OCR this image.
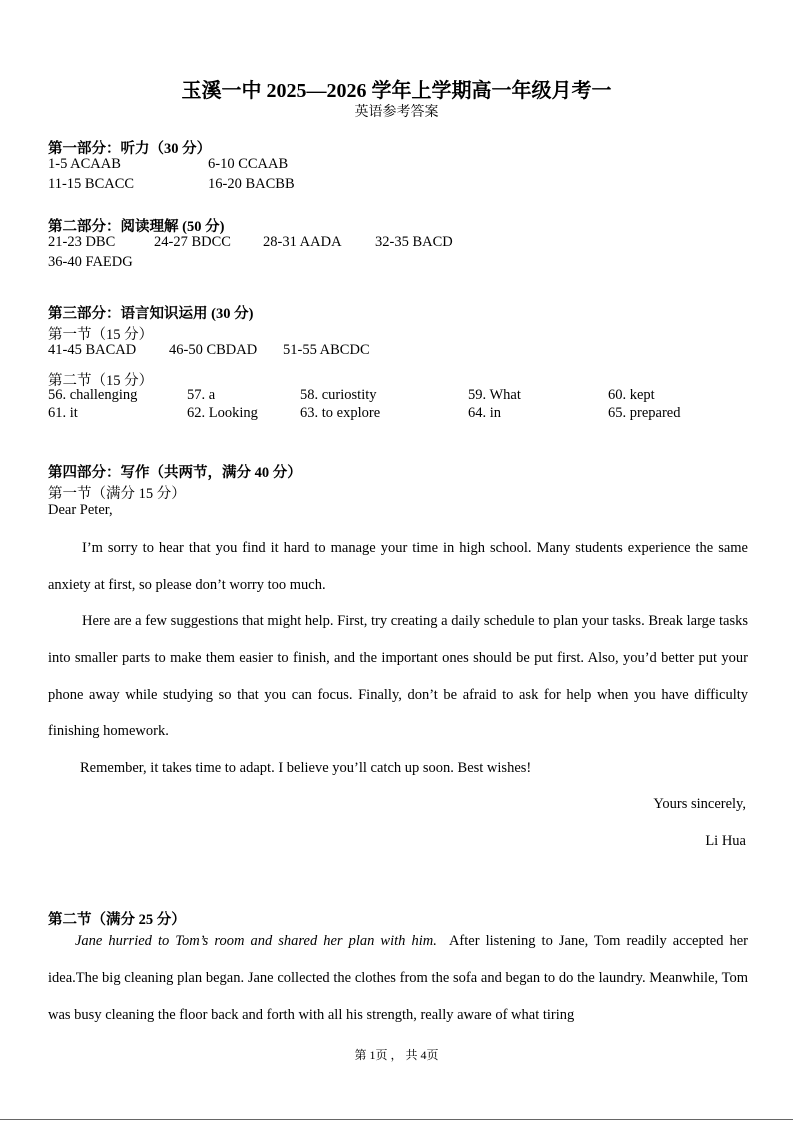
玉溪一中 2025—2026 学年上学期高一年级月考一
英语参考答案
第一部分：听力（30 分）
1-5 ACAAB	6-10 CCAAB
11-15 BCACC	16-20 BACBB
第二部分：阅读理解 (50 分)
21-23 DBC	24-27 BDCC 28-31 AADA 32-35 BACD
36-40 FAEDG
第三部分：语言知识运用 (30 分)
第一节（15 分）
41-45 BACAD 46-50 CBDAD 51-55 ABCDC
第二节（15 分）
56. challenging	57. a	58. curiostity	59. What	60. kept
61. it	62. Looking	63. to explore	64. in	65. prepared
第四部分：写作（共两节，满分 40 分）
第一节（满分 15 分）
Dear Peter,
I’m sorry to hear that you find it hard to manage your time in high school. Many students experience the same anxiety at first, so please don’t worry too much.
Here are a few suggestions that might help. First, try creating a daily schedule to plan your tasks. Break large tasks into smaller parts to make them easier to finish, and the important ones should be put first. Also, you’d better put your phone away while studying so that you can focus. Finally, don’t be afraid to ask for help when you have difficulty finishing homework.
Remember, it takes time to adapt. I believe you’ll catch up soon. Best wishes!
Yours sincerely,
Li Hua
第二节（满分 25 分）
Jane hurried to Tom’s room and shared her plan with him. After listening to Jane, Tom readily accepted her idea.The big cleaning plan began. Jane collected the clothes from the sofa and began to do the laundry. Meanwhile, Tom was busy cleaning the floor back and forth with all his strength, really aware of what tiring
第 1页 ， 共 4页
